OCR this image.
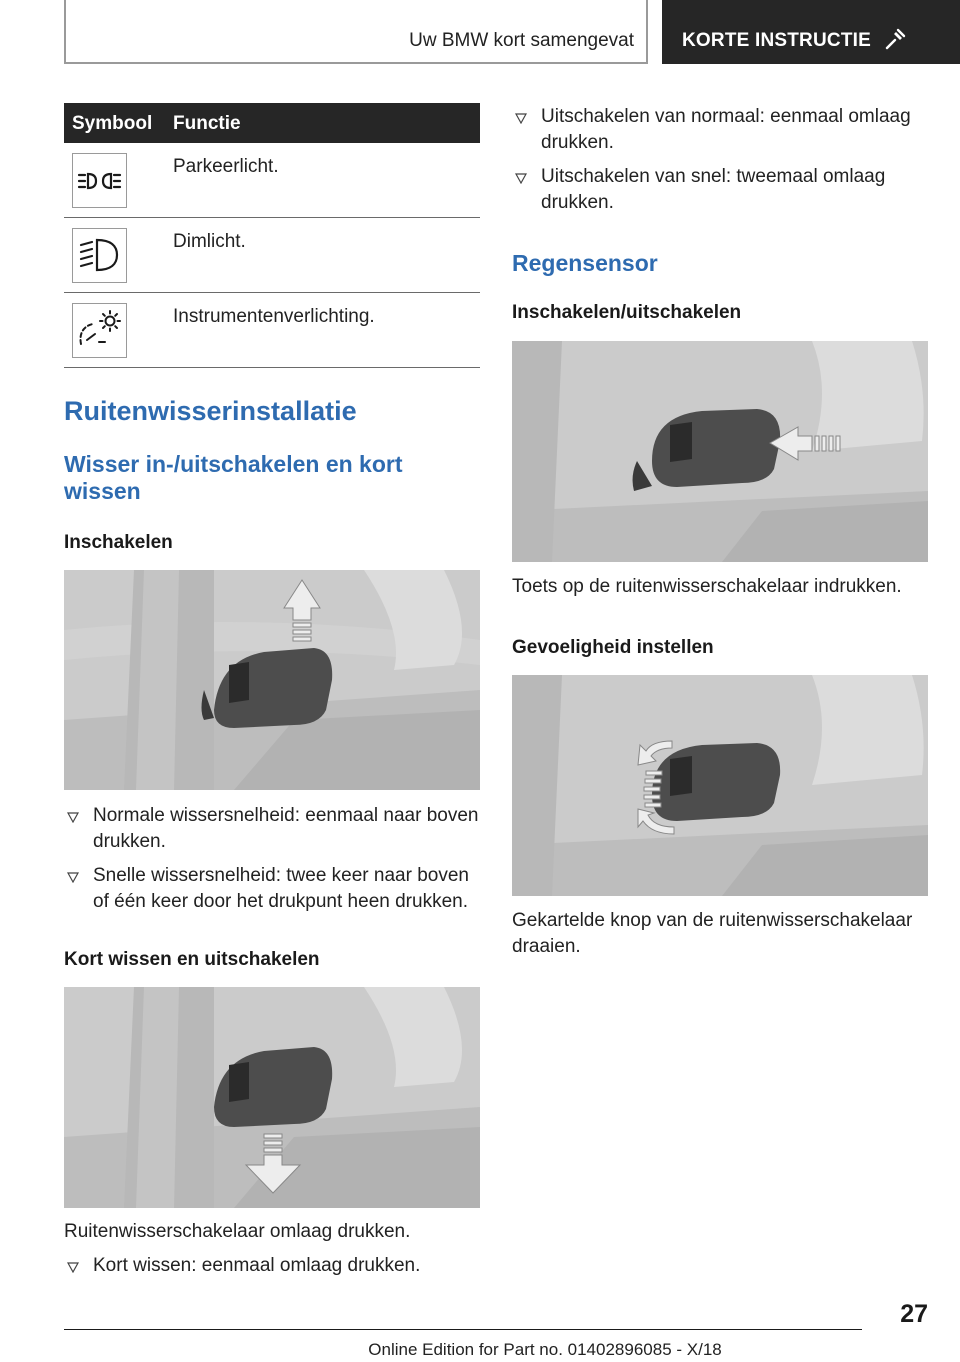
Uw BMW kort samengevat	KORTE INSTRUCTIE
Symbool Functie
Parkeerlicht.
Dimlicht.
Instrumentenverlichting.
Ruitenwisserinstallatie
Wisser in-/uitschakelen en kort
wissen
Inschakelen
Normale wissersnelheid: eenmaal naar boven
drukken.
Snelle wissersnelheid: twee keer naar boven
of één keer door het drukpunt heen drukken.
Kort wissen en uitschakelen
Ruitenwisserschakelaar omlaag drukken.
Kort wissen: eenmaal omlaag drukken.
Uitschakelen van normaal: eenmaal omlaag
drukken.
Uitschakelen van snel: tweemaal omlaag
drukken.
Regensensor
Inschakelen/uitschakelen
Toets op de ruitenwisserschakelaar indrukken.
Gevoeligheid instellen
Gekartelde knop van de ruitenwisserschakelaar
draaien.
27
Online Edition for Part no. 01402896085 - X/18
